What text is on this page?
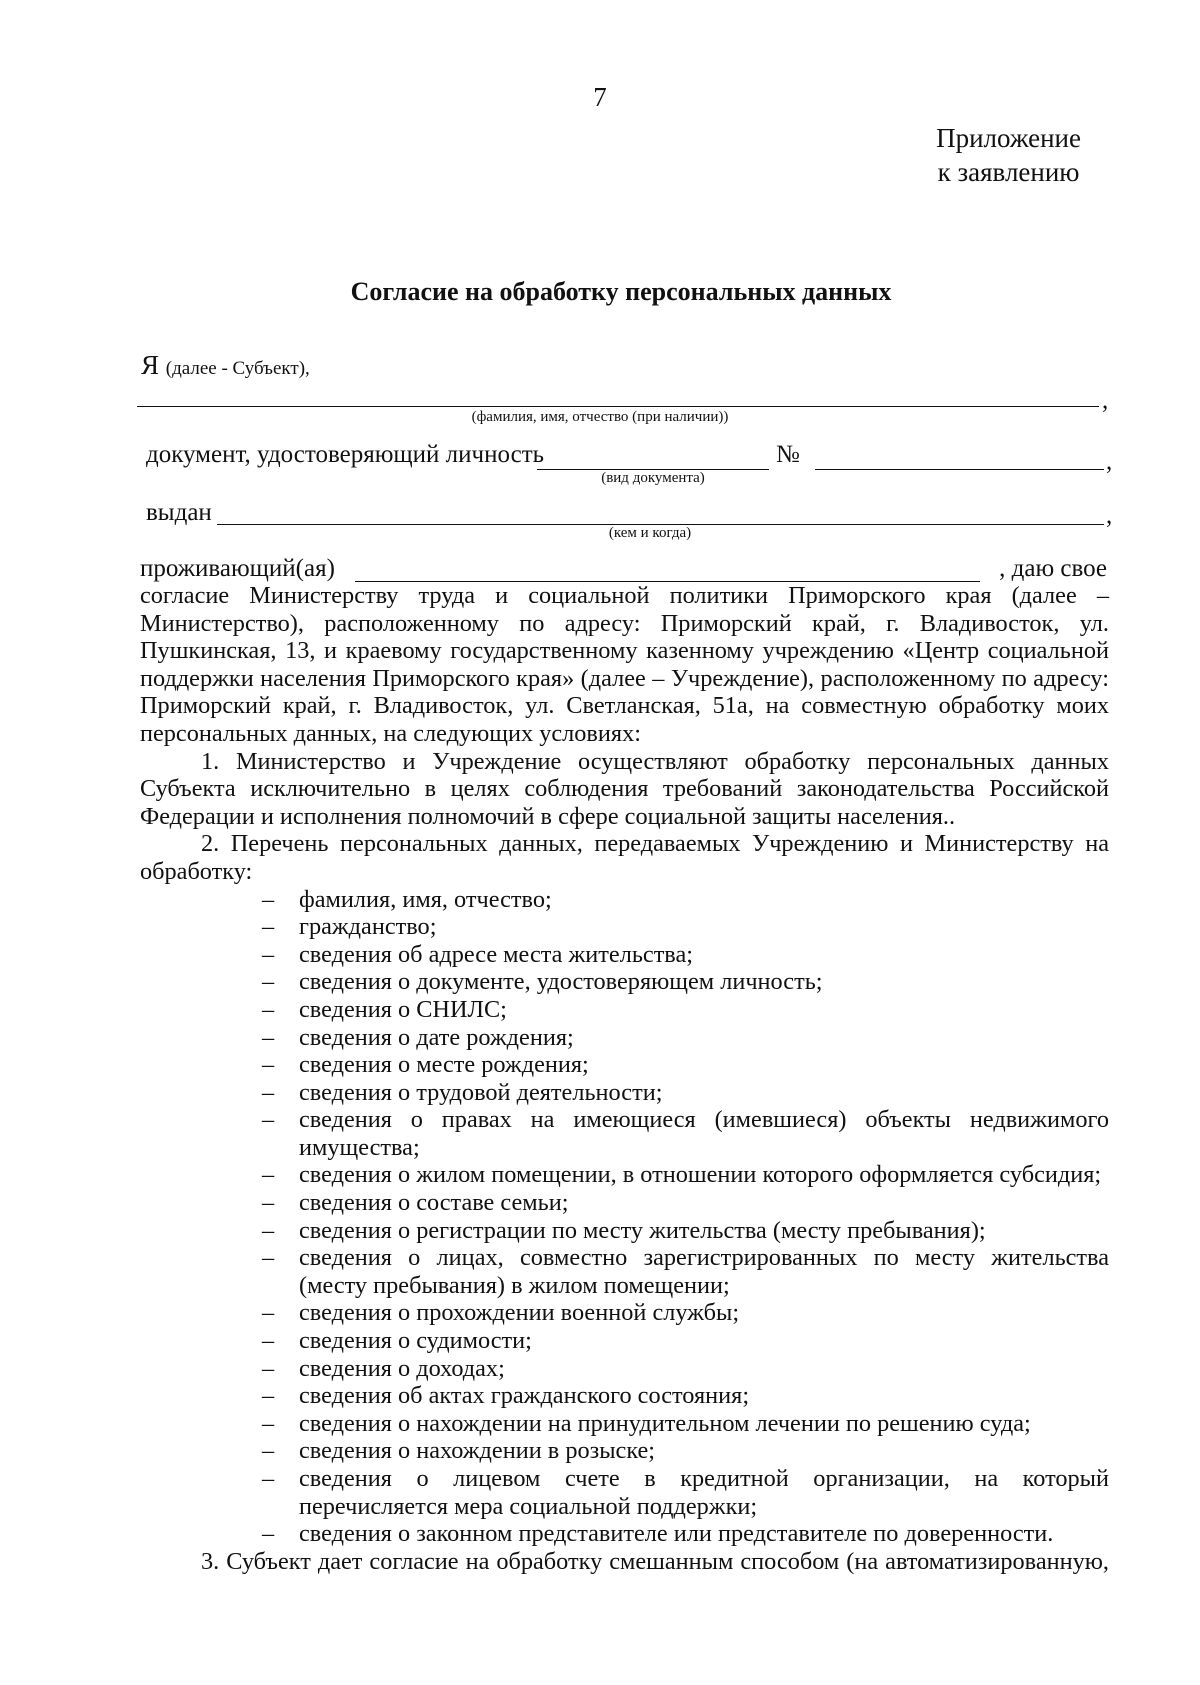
7
Приложение
к заявлению
Согласие на обработку персональных данных
Я (далее - Субъект),
,
(фамилия, имя, отчество (при наличии))
документ, удостоверяющий личность	№	,
(вид документа)
выдан	,
(кем и когда)
проживающий(ая)	, даю свое
согласие Министерству труда и социальной политики Приморского края (далее – Министерство), расположенному по адресу: Приморский край, г. Владивосток, ул. Пушкинская, 13, и краевому государственному казенному учреждению «Центр социальной поддержки населения Приморского края» (далее – Учреждение), расположенному по адресу: Приморский край, г. Владивосток, ул. Светланская, 51а, на совместную обработку моих персональных данных, на следующих условиях:
1. Министерство и Учреждение осуществляют обработку персональных данных Субъекта исключительно в целях соблюдения требований законодательства Российской Федерации и исполнения полномочий в сфере социальной защиты населения..
2. Перечень персональных данных, передаваемых Учреждению и Министерству на обработку:
– фамилия, имя, отчество;
– гражданство;
– сведения об адресе места жительства;
– сведения о документе, удостоверяющем личность;
– сведения о СНИЛС;
– сведения о дате рождения;
– сведения о месте рождения;
– сведения о трудовой деятельности;
– сведения о правах на имеющиеся (имевшиеся) объекты недвижимого имущества;
– сведения о жилом помещении, в отношении которого оформляется субсидия;
– сведения о составе семьи;
– сведения о регистрации по месту жительства (месту пребывания);
– сведения о лицах, совместно зарегистрированных по месту жительства (месту пребывания) в жилом помещении;
– сведения о прохождении военной службы;
– сведения о судимости;
– сведения о доходах;
– сведения об актах гражданского состояния;
– сведения о нахождении на принудительном лечении по решению суда;
– сведения о нахождении в розыске;
– сведения о лицевом счете в кредитной организации, на который перечисляется мера социальной поддержки;
– сведения о законном представителе или представителе по доверенности.
3. Субъект дает согласие на обработку смешанным способом (на автоматизированную,
